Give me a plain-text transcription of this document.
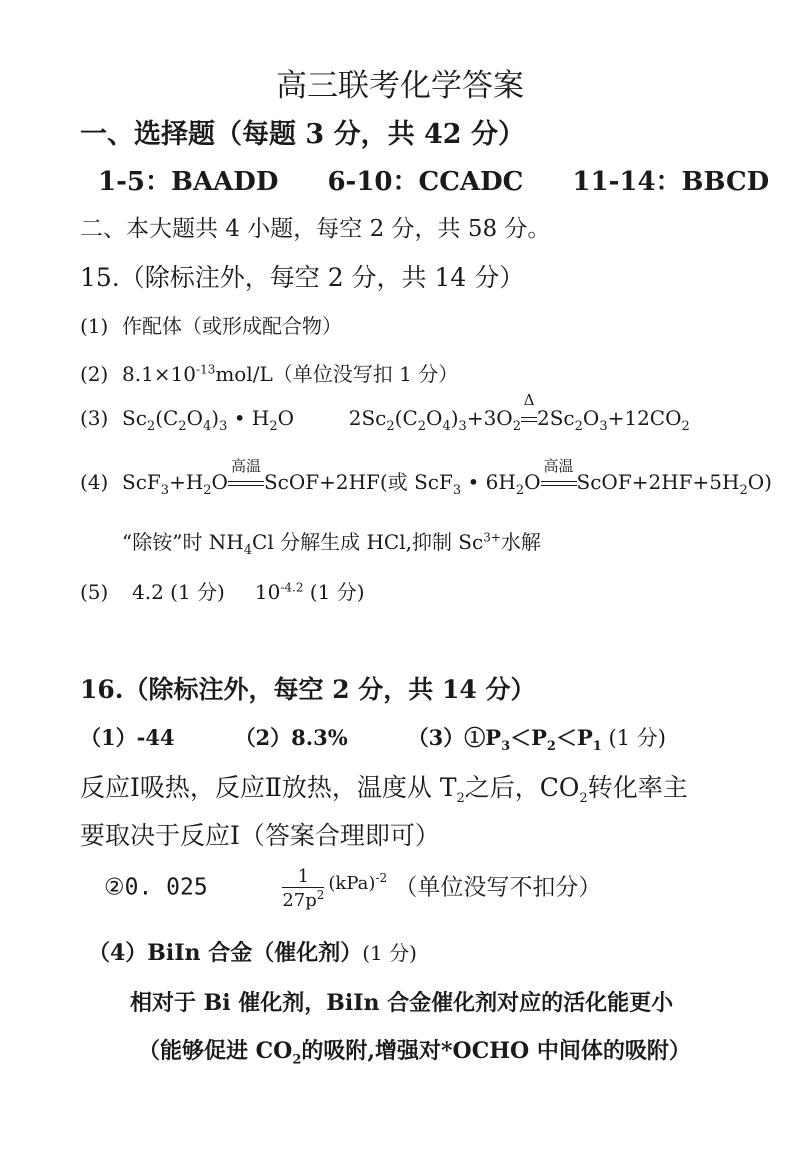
高三联考化学答案
一、选择题（每题 3 分，共 42 分）
1-5：BAADD 6-10：CCADC 11-14：BBCD
二、本大题共 4 小题，每空 2 分，共 58 分。
15.（除标注外，每空 2 分，共 14 分）
(1) 作配体（或形成配合物）
(2) $8.1\times 10^{-13}mol/L$（单位没写扣 1 分）
(3) $Sc_2(C_2O_4)_3$ • $H_2O$	$2Sc_2(C_2O_4)_3+3O_2$
Δ
$2Sc_2O_3+12CO_2$
(4) $ScF_3+H_2O$
高温
ScOF+2HF(或 ScF$_3$ • $6H_2O$
高温
$ScOF+2HF+5H_2O$)
“除铵”时 $NH_4Cl$ 分解生成 HCl,抑制 $Sc^{3+}$水解
(5) 4.2 (1 分) $10^{-4.2}$ (1 分)
16.（除标注外，每空 2 分，共 14 分）
（1）-44	（2）8.3%	$(3)①P_3<P_2<P_1$ (1 分)
反应Ⅰ吸热，反应Ⅱ放热，温度从 $T_2$之后，$CO_2$转化率主
要取决于反应Ⅰ（答案合理即可）
②0. 025	$\frac{1}{27p^2} ^{(kPa)^{-2}}$ （单位没写不扣分）
（4）BiIn 合金（催化剂）(1 分)
相对于 Bi 催化剂，BiIn 合金催化剂对应的活化能更小
（能够促进 $CO_2$的吸附,增强对*OCHO 中间体的吸附）
